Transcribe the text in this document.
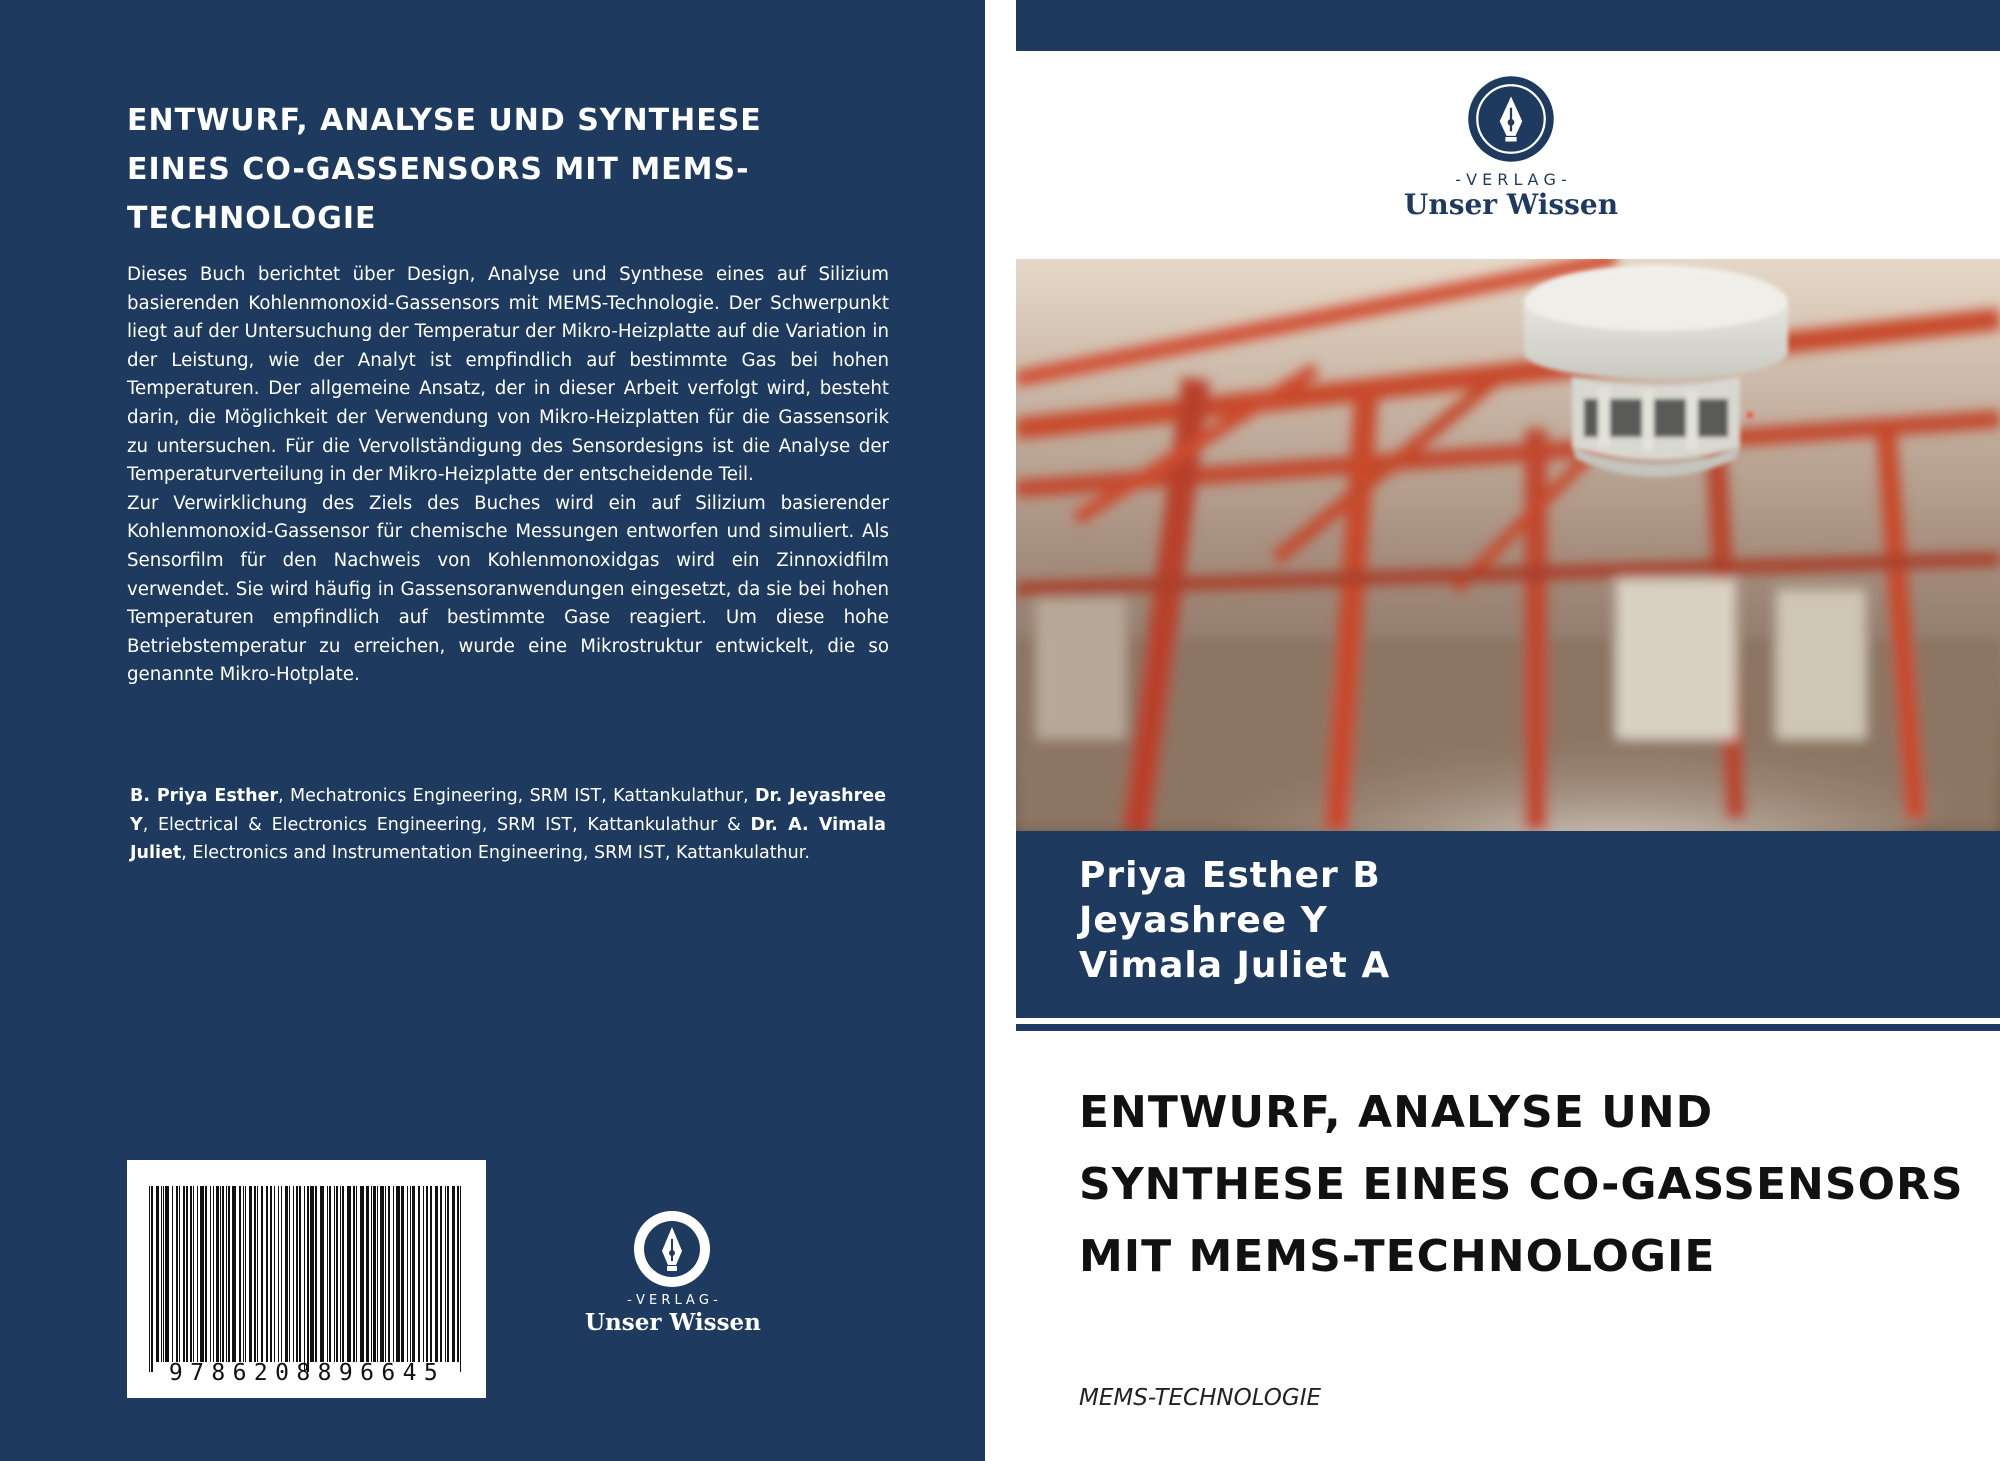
ENTWURF, ANALYSE UND SYNTHESE EINES CO-GASSENSORS MIT MEMS-TECHNOLOGIE

Dieses Buch berichtet über Design, Analyse und Synthese eines auf Silizium basierenden Kohlenmonoxid-Gassensors mit MEMS-Technologie. Der Schwerpunkt liegt auf der Untersuchung der Temperatur der Mikro-Heizplatte auf die Variation in der Leistung, wie der Analyt ist empfindlich auf bestimmte Gas bei hohen Temperaturen. Der allgemeine Ansatz, der in dieser Arbeit verfolgt wird, besteht darin, die Möglichkeit der Verwendung von Mikro-Heizplatten für die Gassensorik zu untersuchen. Für die Vervollständigung des Sensordesigns ist die Analyse der Temperaturverteilung in der Mikro-Heizplatte der entscheidende Teil.

Zur Verwirklichung des Ziels des Buches wird ein auf Silizium basierender Kohlenmonoxid-Gassensor für chemische Messungen entworfen und simuliert. Als Sensorfilm für den Nachweis von Kohlenmonoxidgas wird ein Zinnoxidfilm verwendet. Sie wird häufig in Gassensoranwendungen eingesetzt, da sie bei hohen Temperaturen empfindlich auf bestimmte Gase reagiert. Um diese hohe Betriebstemperatur zu erreichen, wurde eine Mikrostruktur entwickelt, die so genannte Mikro-Hotplate.

B. Priya Esther, Mechatronics Engineering, SRM IST, Kattankulathur, Dr. Jeyashree Y, Electrical & Electronics Engineering, SRM IST, Kattankulathur & Dr. A. Vimala Juliet, Electronics and Instrumentation Engineering, SRM IST, Kattankulathur.

9786208896645
- V E R L A G -
Unser Wissen
- V E R L A G -
Unser Wissen
Priya Esther B
Jeyashree Y
Vimala Juliet A
ENTWURF, ANALYSE UND SYNTHESE EINES CO-GASSENSORS MIT MEMS-TECHNOLOGIE

MEMS-TECHNOLOGIE
